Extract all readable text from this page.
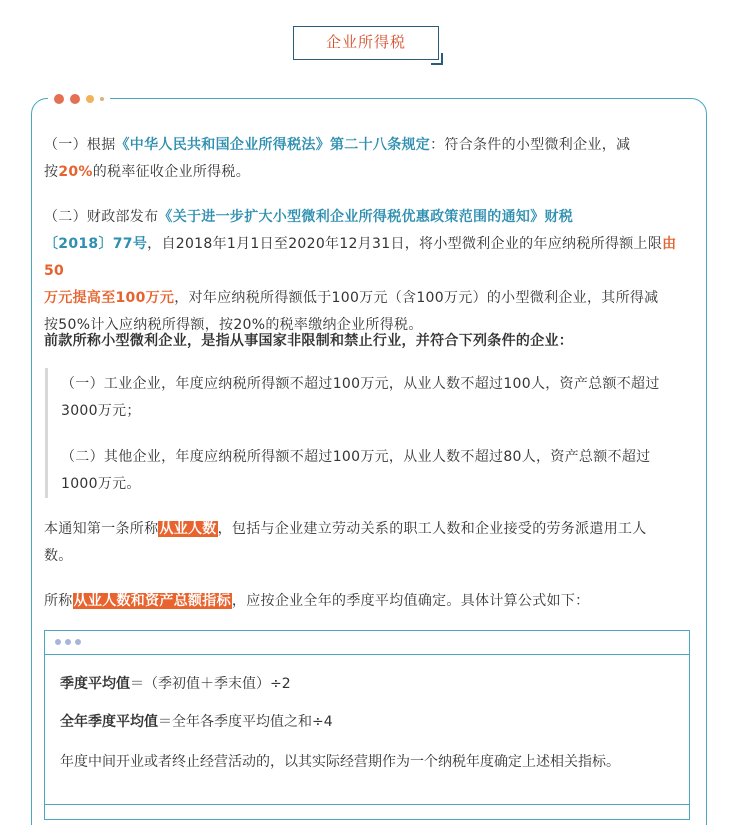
企业所得税
（一）根据《中华人民共和国企业所得税法》第二十八条规定：符合条件的小型微利企业，减
按20%的税率征收企业所得税。
（二）财政部发布《关于进一步扩大小型微利企业所得税优惠政策范围的通知》财税
〔2018〕77号，自2018年1月1日至2020年12月31日，将小型微利企业的年应纳税所得额上限由50
万元提高至100万元，对年应纳税所得额低于100万元（含100万元）的小型微利企业，其所得减
按50%计入应纳税所得额，按20%的税率缴纳企业所得税。
前款所称小型微利企业，是指从事国家非限制和禁止行业，并符合下列条件的企业：
（一）工业企业，年度应纳税所得额不超过100万元，从业人数不超过100人，资产总额不超过
3000万元；
（二）其他企业，年度应纳税所得额不超过100万元，从业人数不超过80人，资产总额不超过
1000万元。
本通知第一条所称从业人数，包括与企业建立劳动关系的职工人数和企业接受的劳务派遣用工人
数。
所称从业人数和资产总额指标，应按企业全年的季度平均值确定。具体计算公式如下：
季度平均值＝（季初值＋季末值）÷2
全年季度平均值＝全年各季度平均值之和÷4
年度中间开业或者终止经营活动的，以其实际经营期作为一个纳税年度确定上述相关指标。
